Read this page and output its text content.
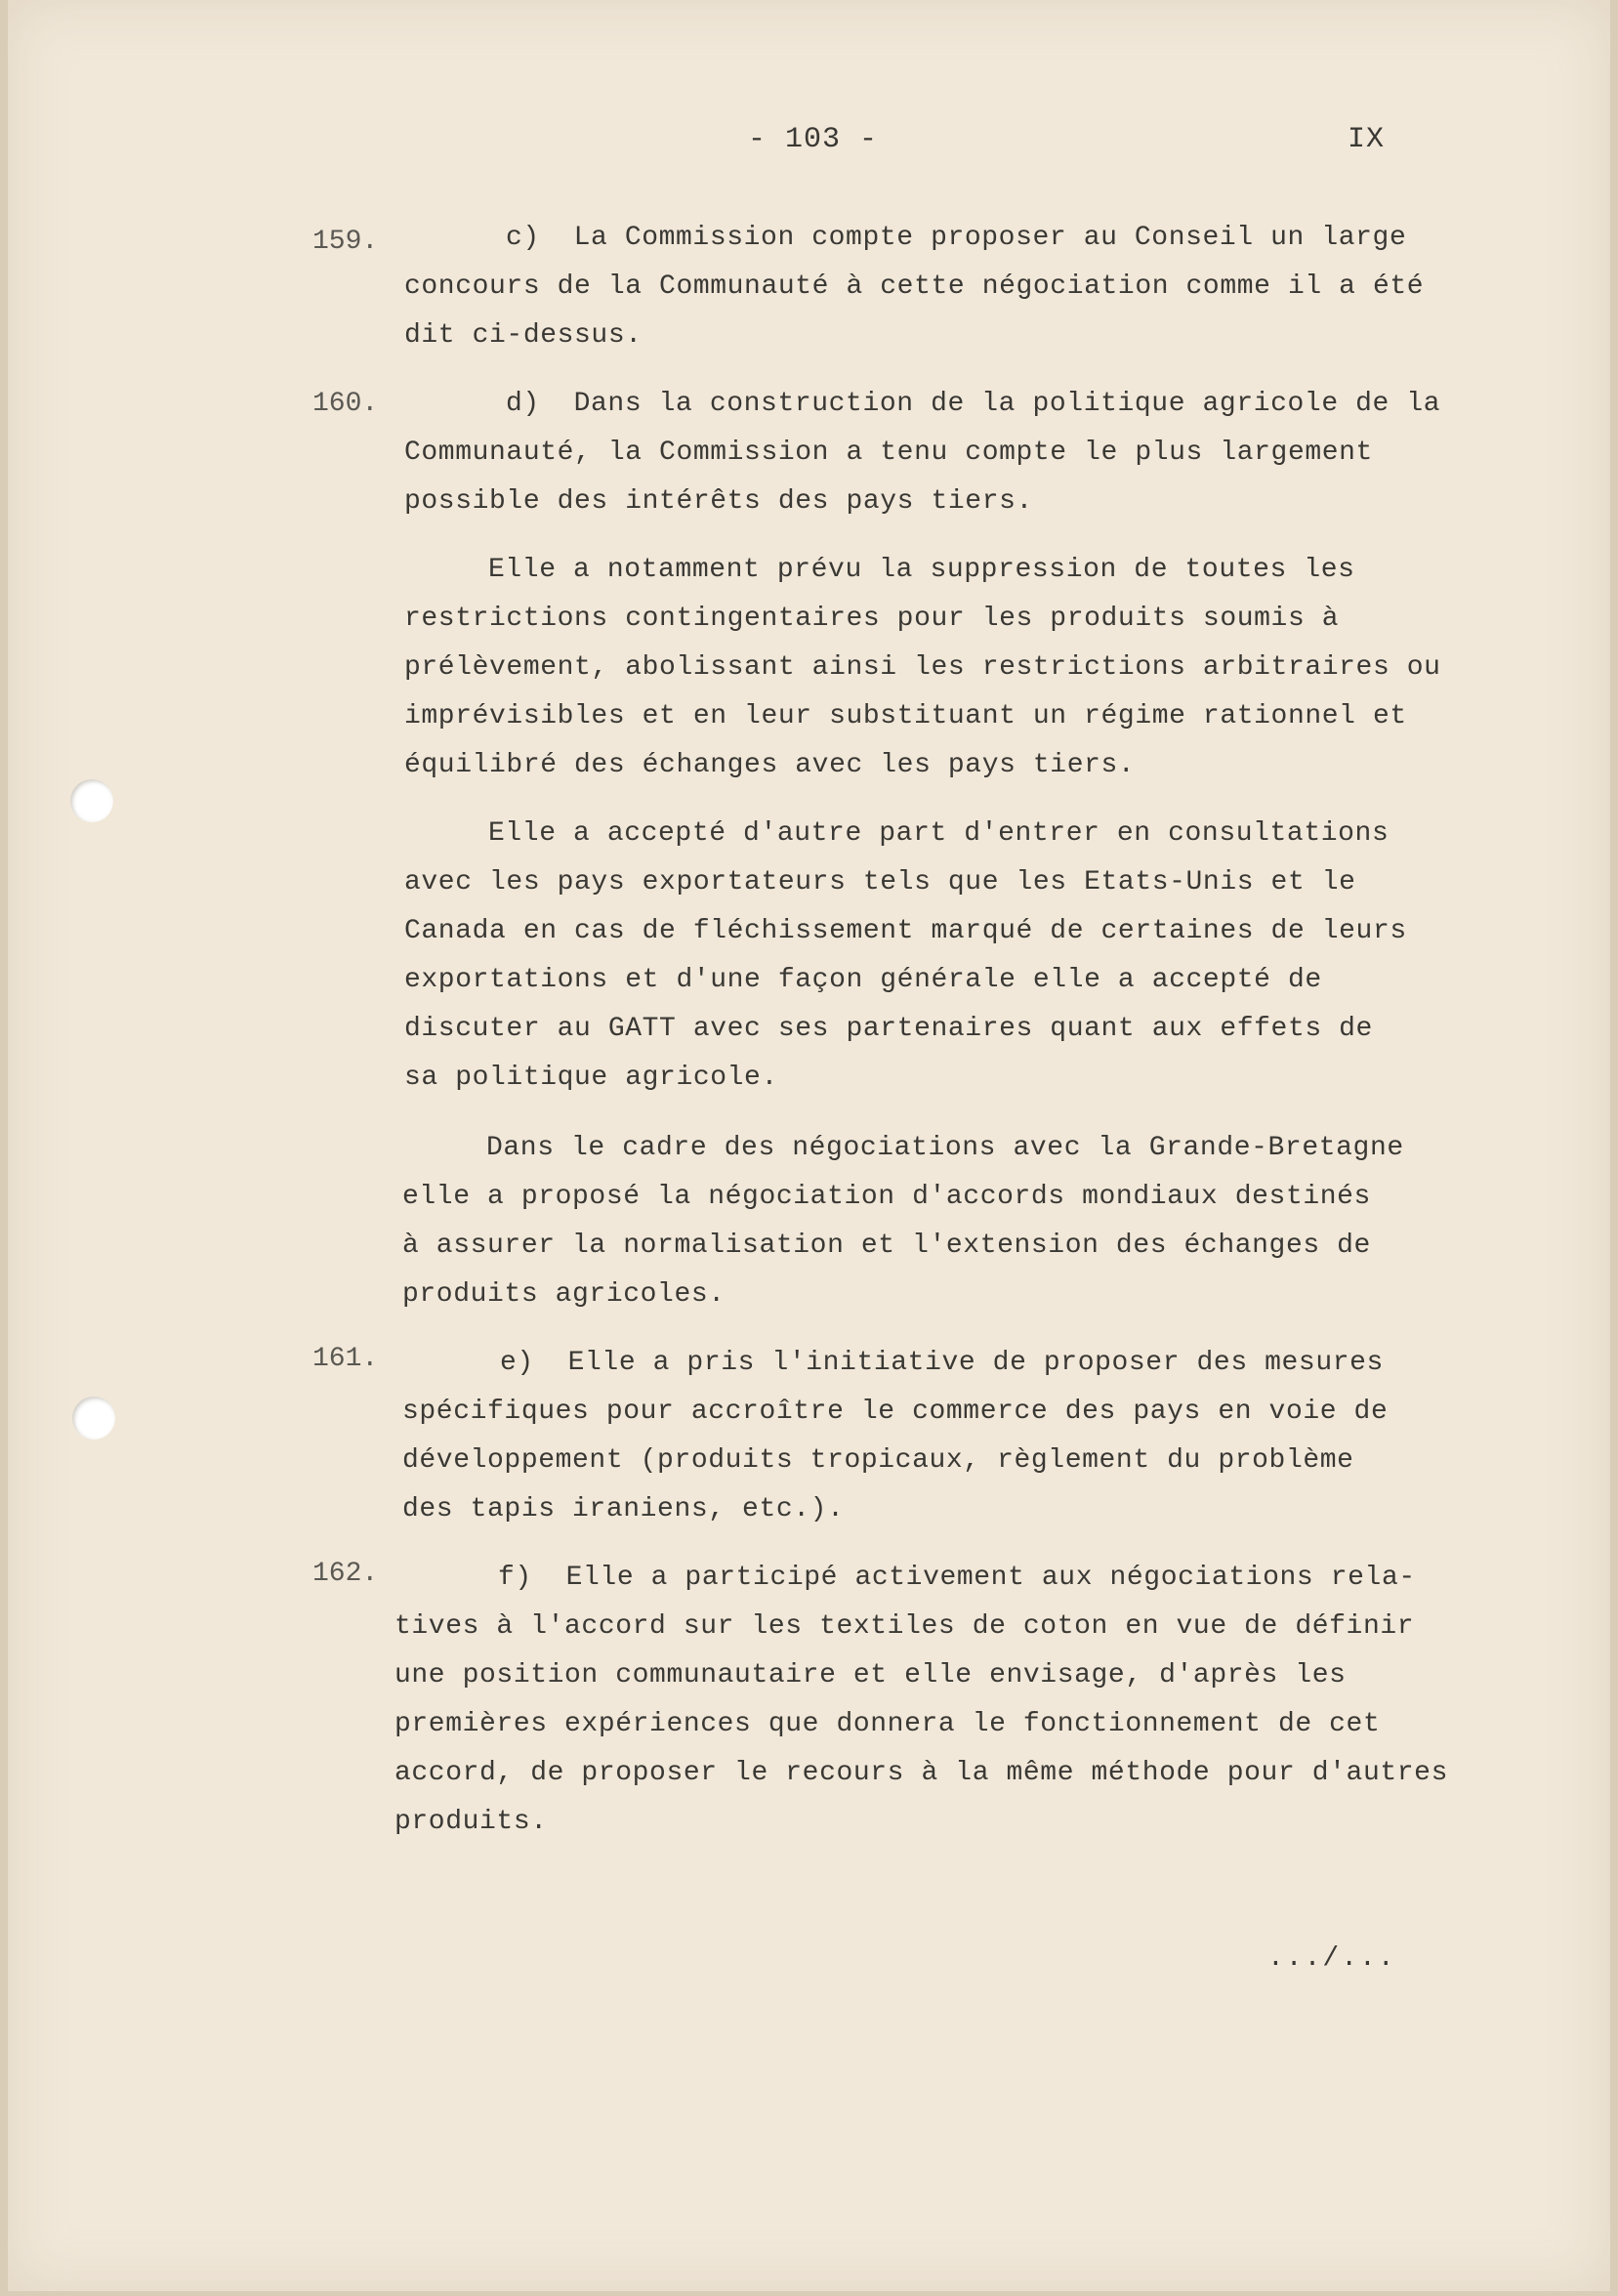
- 103 -	IX
159.	c)  La Commission compte proposer au Conseil un large
concours de la Communauté à cette négociation comme il a été
dit ci-dessus.
160.	d)  Dans la construction de la politique agricole de la
Communauté, la Commission a tenu compte le plus largement
possible des intérêts des pays tiers.
Elle a notamment prévu la suppression de toutes les
restrictions contingentaires pour les produits soumis à
prélèvement, abolissant ainsi les restrictions arbitraires ou
imprévisibles et en leur substituant un régime rationnel et
équilibré des échanges avec les pays tiers.
Elle a accepté d'autre part d'entrer en consultations
avec les pays exportateurs tels que les Etats-Unis et le
Canada en cas de fléchissement marqué de certaines de leurs
exportations et d'une façon générale elle a accepté de
discuter au GATT avec ses partenaires quant aux effets de
sa politique agricole.
Dans le cadre des négociations avec la Grande-Bretagne
elle a proposé la négociation d'accords mondiaux destinés
à assurer la normalisation et l'extension des échanges de
produits agricoles.
161.	e)  Elle a pris l'initiative de proposer des mesures
spécifiques pour accroître le commerce des pays en voie de
développement (produits tropicaux, règlement du problème
des tapis iraniens, etc.).
162.	f)  Elle a participé activement aux négociations rela-
tives à l'accord sur les textiles de coton en vue de définir
une position communautaire et elle envisage, d'après les
premières expériences que donnera le fonctionnement de cet
accord, de proposer le recours à la même méthode pour d'autres
produits.
.../...
